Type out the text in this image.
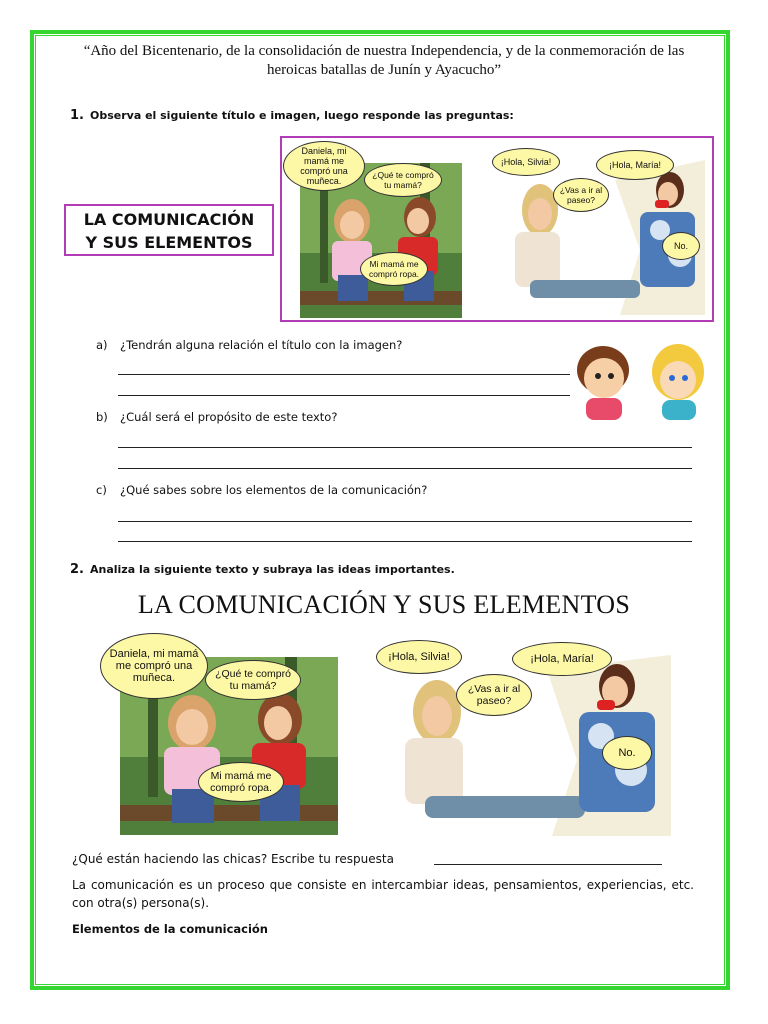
“Año del Bicentenario, de la consolidación de nuestra Independencia, y de la conmemoración de las
heroicas batallas de Junín y Ayacucho”
1. Observa el siguiente título e imagen, luego responde las preguntas:
LA COMUNICACIÓN
Y SUS ELEMENTOS
Daniela, mi mamá me compró una muñeca.
¿Qué te compró tu mamá?
Mi mamá me compró ropa.
¡Hola, Silvia!	¡Hola, María!
¿Vas a ir al paseo?
No.
a) ¿Tendrán alguna relación el título con la imagen?
b) ¿Cuál será el propósito de este texto?
c) ¿Qué sabes sobre los elementos de la comunicación?
2. Analiza la siguiente texto y subraya las ideas importantes.
LA COMUNICACIÓN Y SUS ELEMENTOS
Daniela, mi mamá me compró una muñeca.	¿Qué te compró tu mamá?
Mi mamá me compró ropa.
¡Hola, Silvia!	¡Hola, María!
¿Vas a ir al paseo?
No.
¿Qué están haciendo las chicas? Escribe tu respuesta
La comunicación es un proceso que consiste en intercambiar ideas, pensamientos, experiencias, etc. con otra(s) persona(s).
Elementos de la comunicación
